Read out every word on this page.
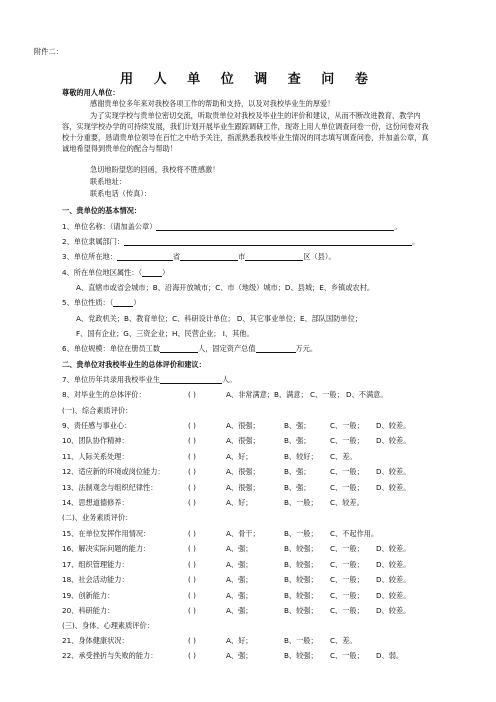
附件二：
用 人 单 位 调 查 问 卷
尊敬的用人单位：
感谢贵单位多年来对我校各项工作的帮助和支持，以及对我校毕业生的厚爱！
为了实现学校与贵单位密切交流，听取贵单位对我校及毕业生的评价和建议，从而不断改进教育、教学内容，实现学校办学的可持续发展，我们计划开展毕业生跟踪调研工作，现寄上用人单位调查问卷一份，这份问卷对我校十分重要，恳请贵单位领导在百忙之中给予关注，指派熟悉我校毕业生情况的同志填写调查问卷，并加盖公章，真诚地希望得到贵单位的配合与帮助！
急切地盼望您的回函，我校将不胜感激！
联系地址：
联系电话（传真）：
一、贵单位的基本情况：
1、单位名称：（请加盖公章）	。
2、单位隶属部门：	。
3、单位所在地：	省	市	区（县）。
4、所在单位地区属性：（	）
A、直辖市或省会城市；B、沿海开放城市；C、市（地级）城市；D、县城；E、乡镇或农村。
5、单位性质：（	）
A、党政机关；B、教育单位；C、科研设计单位； D、其它事业单位；E、部队国防单位；
F、国有企业；G、三资企业；H、民营企业； I、其他。
6、单位规模：单位在册员工数	人，固定资产总值	万元。
二、贵单位对我校毕业生的总体评价和建议：
7、单位历年共录用我校毕业生	人。
8、对毕业生的总体评价：	( )	A、非常满意；B、满意； C、一般； D、不满意。
(一)、综合素质评价：
9、责任感与事业心：	( )	A、很强；	B、强；	C、一般； D、较差。
10、团队协作精神：	( )	A、很强；	B、强；	C、一般； D、较差。
11、人际关系处理：	( )	A、好；	B、较好； C、差。
12、适应新的环境或岗位能力：	( )	A、很强；	B、强；	C、一般； D、较差。
13、法制观念与组织纪律性：	( )	A、很强；	B、强；	C、一般； D、较差。
14、思想道德修养：	( )	A、好；	B、一般； C、较差。
(二)、业务素质评价：
15、在单位发挥作用情况：	( )	A、骨干；	B、一般； C、不起作用。
16、解决实际问题的能力：	( )	A、强；	B、较强； C、一般； D、较差。
17、组织管理能力：	( )	A、强；	B、较强； C、一般； D、较差。
18、社会活动能力：	( )	A、强；	B、较强； C、一般； D、较差。
19、创新能力：	( )	A、强；	B、较强； C、一般； D、较差。
20、科研能力：	( )	A、强；	B、较强； C、一般； D、较差。
(三)、身体、心理素质评价：
21、身体健康状况：	( )	A、好；	B、一般； C、差。
22、承受挫折与失败的能力：	( )	A、强；	B、较强； C、一般； D、弱。
